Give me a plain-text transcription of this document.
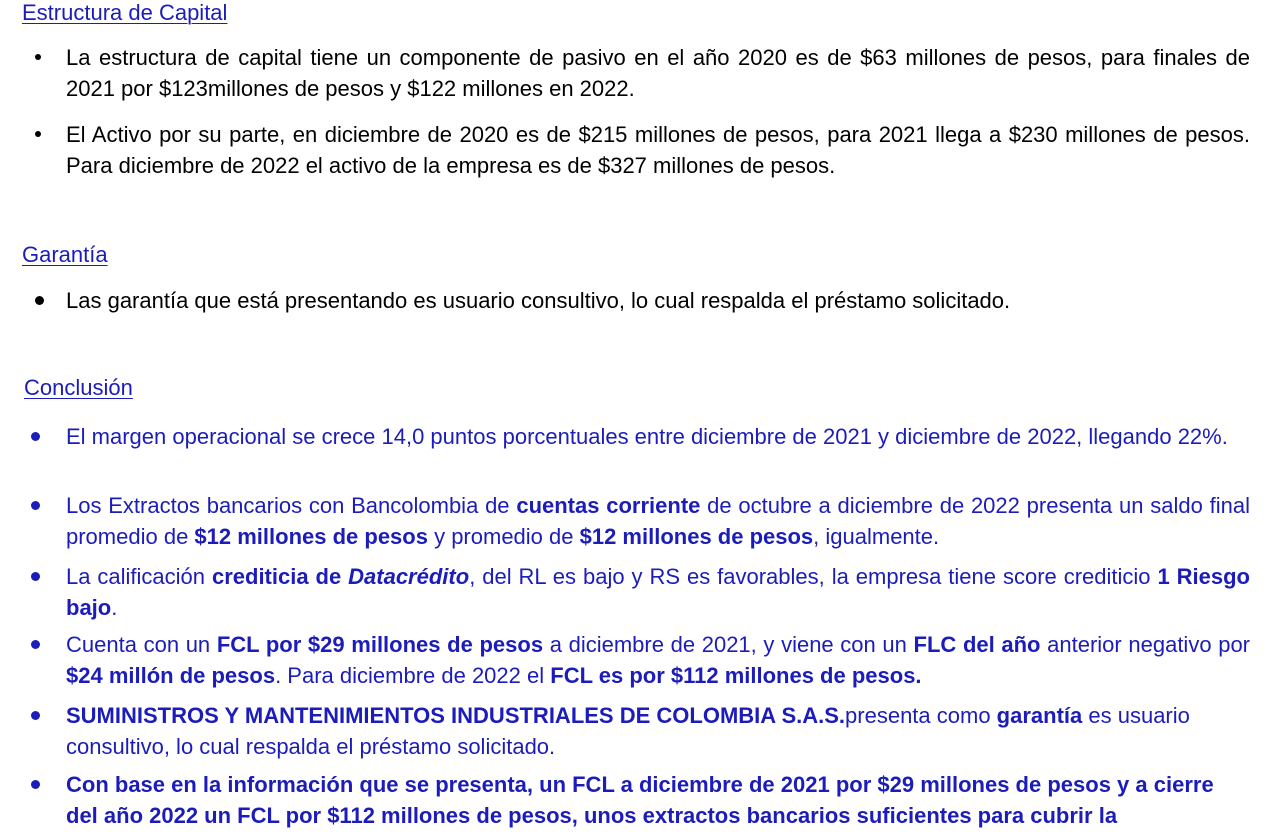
Estructura de Capital
La estructura de capital tiene un componente de pasivo en el año 2020 es de $63 millones de pesos, para finales de 2021 por $123millones de pesos y $122 millones en 2022.
El Activo por su parte, en diciembre de 2020 es de $215 millones de pesos, para 2021 llega a $230 millones de pesos. Para diciembre de 2022 el activo de la empresa es de $327 millones de pesos.
Garantía
Las garantía que está presentando es usuario consultivo, lo cual respalda el préstamo solicitado.
Conclusión
El margen operacional se crece 14,0 puntos porcentuales entre diciembre de 2021 y diciembre de 2022, llegando 22%.
Los Extractos bancarios con Bancolombia de cuentas corriente de octubre a diciembre de 2022 presenta un saldo final promedio de $12 millones de pesos y promedio de $12 millones de pesos, igualmente.
La calificación crediticia de Datacrédito, del RL es bajo y RS es favorables, la empresa tiene score crediticio 1 Riesgo bajo.
Cuenta con un FCL por $29 millones de pesos a diciembre de 2021, y viene con un FLC del año anterior negativo por $24 millón de pesos. Para diciembre de 2022 el FCL es por $112 millones de pesos.
SUMINISTROS Y MANTENIMIENTOS INDUSTRIALES DE COLOMBIA S.A.S.presenta como garantía es usuario consultivo, lo cual respalda el préstamo solicitado.
Con base en la información que se presenta, un FCL a diciembre de 2021 por $29 millones de pesos y a cierre del año 2022 un FCL por $112 millones de pesos, unos extractos bancarios suficientes para cubrir la
